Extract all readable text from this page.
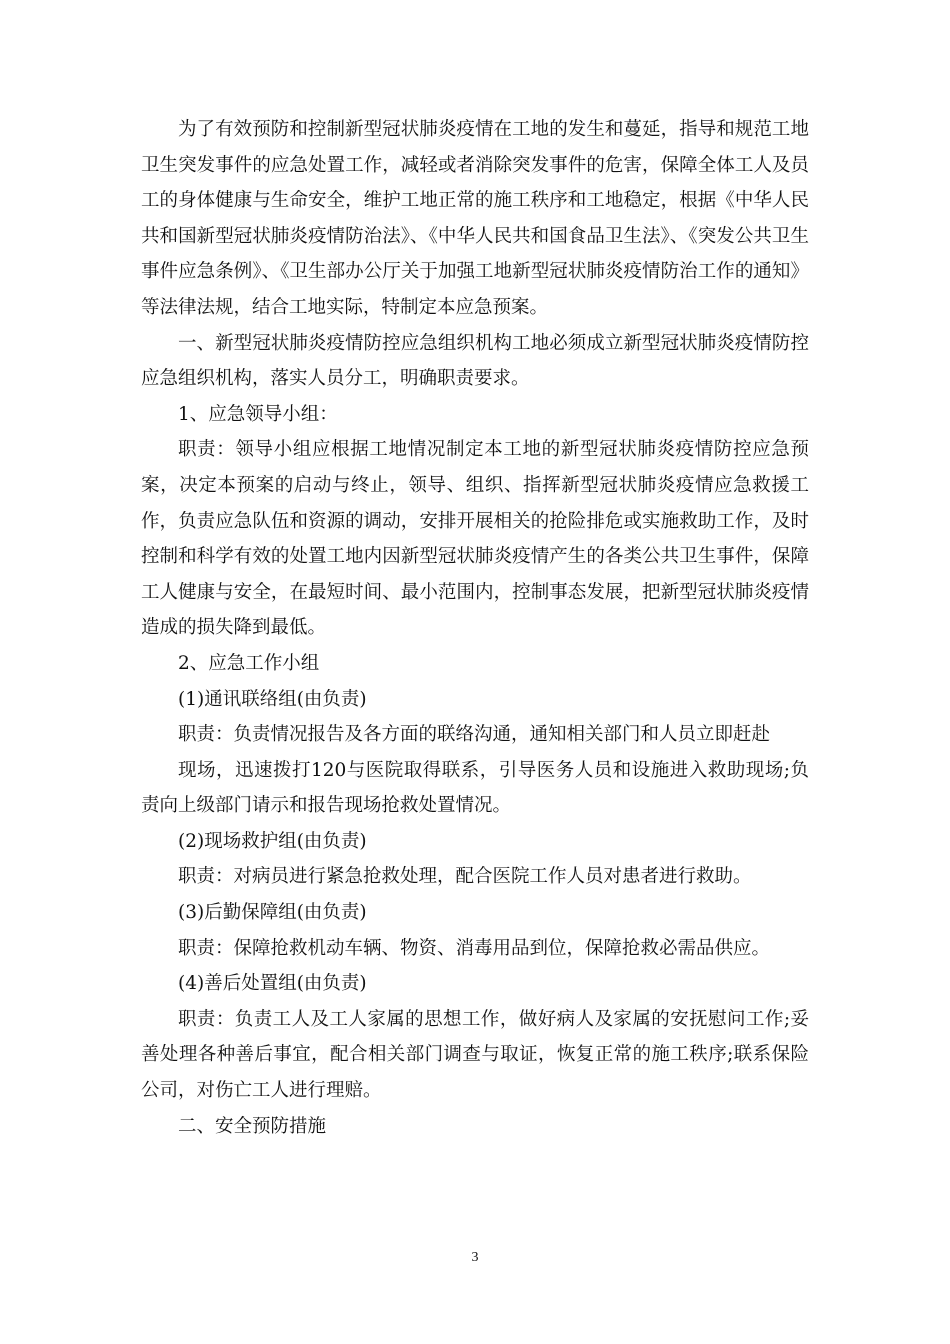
为了有效预防和控制新型冠状肺炎疫情在工地的发生和蔓延，指导和规范工地卫生突发事件的应急处置工作，减轻或者消除突发事件的危害，保障全体工人及员工的身体健康与生命安全，维护工地正常的施工秩序和工地稳定，根据《中华人民共和国新型冠状肺炎疫情防治法》、《中华人民共和国食品卫生法》、《突发公共卫生事件应急条例》、《卫生部办公厅关于加强工地新型冠状肺炎疫情防治工作的通知》等法律法规，结合工地实际，特制定本应急预案。

一、新型冠状肺炎疫情防控应急组织机构工地必须成立新型冠状肺炎疫情防控应急组织机构，落实人员分工，明确职责要求。

1、应急领导小组：

职责：领导小组应根据工地情况制定本工地的新型冠状肺炎疫情防控应急预案，决定本预案的启动与终止，领导、组织、指挥新型冠状肺炎疫情应急救援工作，负责应急队伍和资源的调动，安排开展相关的抢险排危或实施救助工作，及时控制和科学有效的处置工地内因新型冠状肺炎疫情产生的各类公共卫生事件，保障工人健康与安全，在最短时间、最小范围内，控制事态发展，把新型冠状肺炎疫情造成的损失降到最低。

2、应急工作小组

(1)通讯联络组(由负责)

职责：负责情况报告及各方面的联络沟通，通知相关部门和人员立即赶赴

现场，迅速拨打120与医院取得联系，引导医务人员和设施进入救助现场;负责向上级部门请示和报告现场抢救处置情况。

(2)现场救护组(由负责)

职责：对病员进行紧急抢救处理，配合医院工作人员对患者进行救助。

(3)后勤保障组(由负责)

职责：保障抢救机动车辆、物资、消毒用品到位，保障抢救必需品供应。

(4)善后处置组(由负责)

职责：负责工人及工人家属的思想工作，做好病人及家属的安抚慰问工作;妥善处理各种善后事宜，配合相关部门调查与取证，恢复正常的施工秩序;联系保险公司，对伤亡工人进行理赔。

二、安全预防措施

3
